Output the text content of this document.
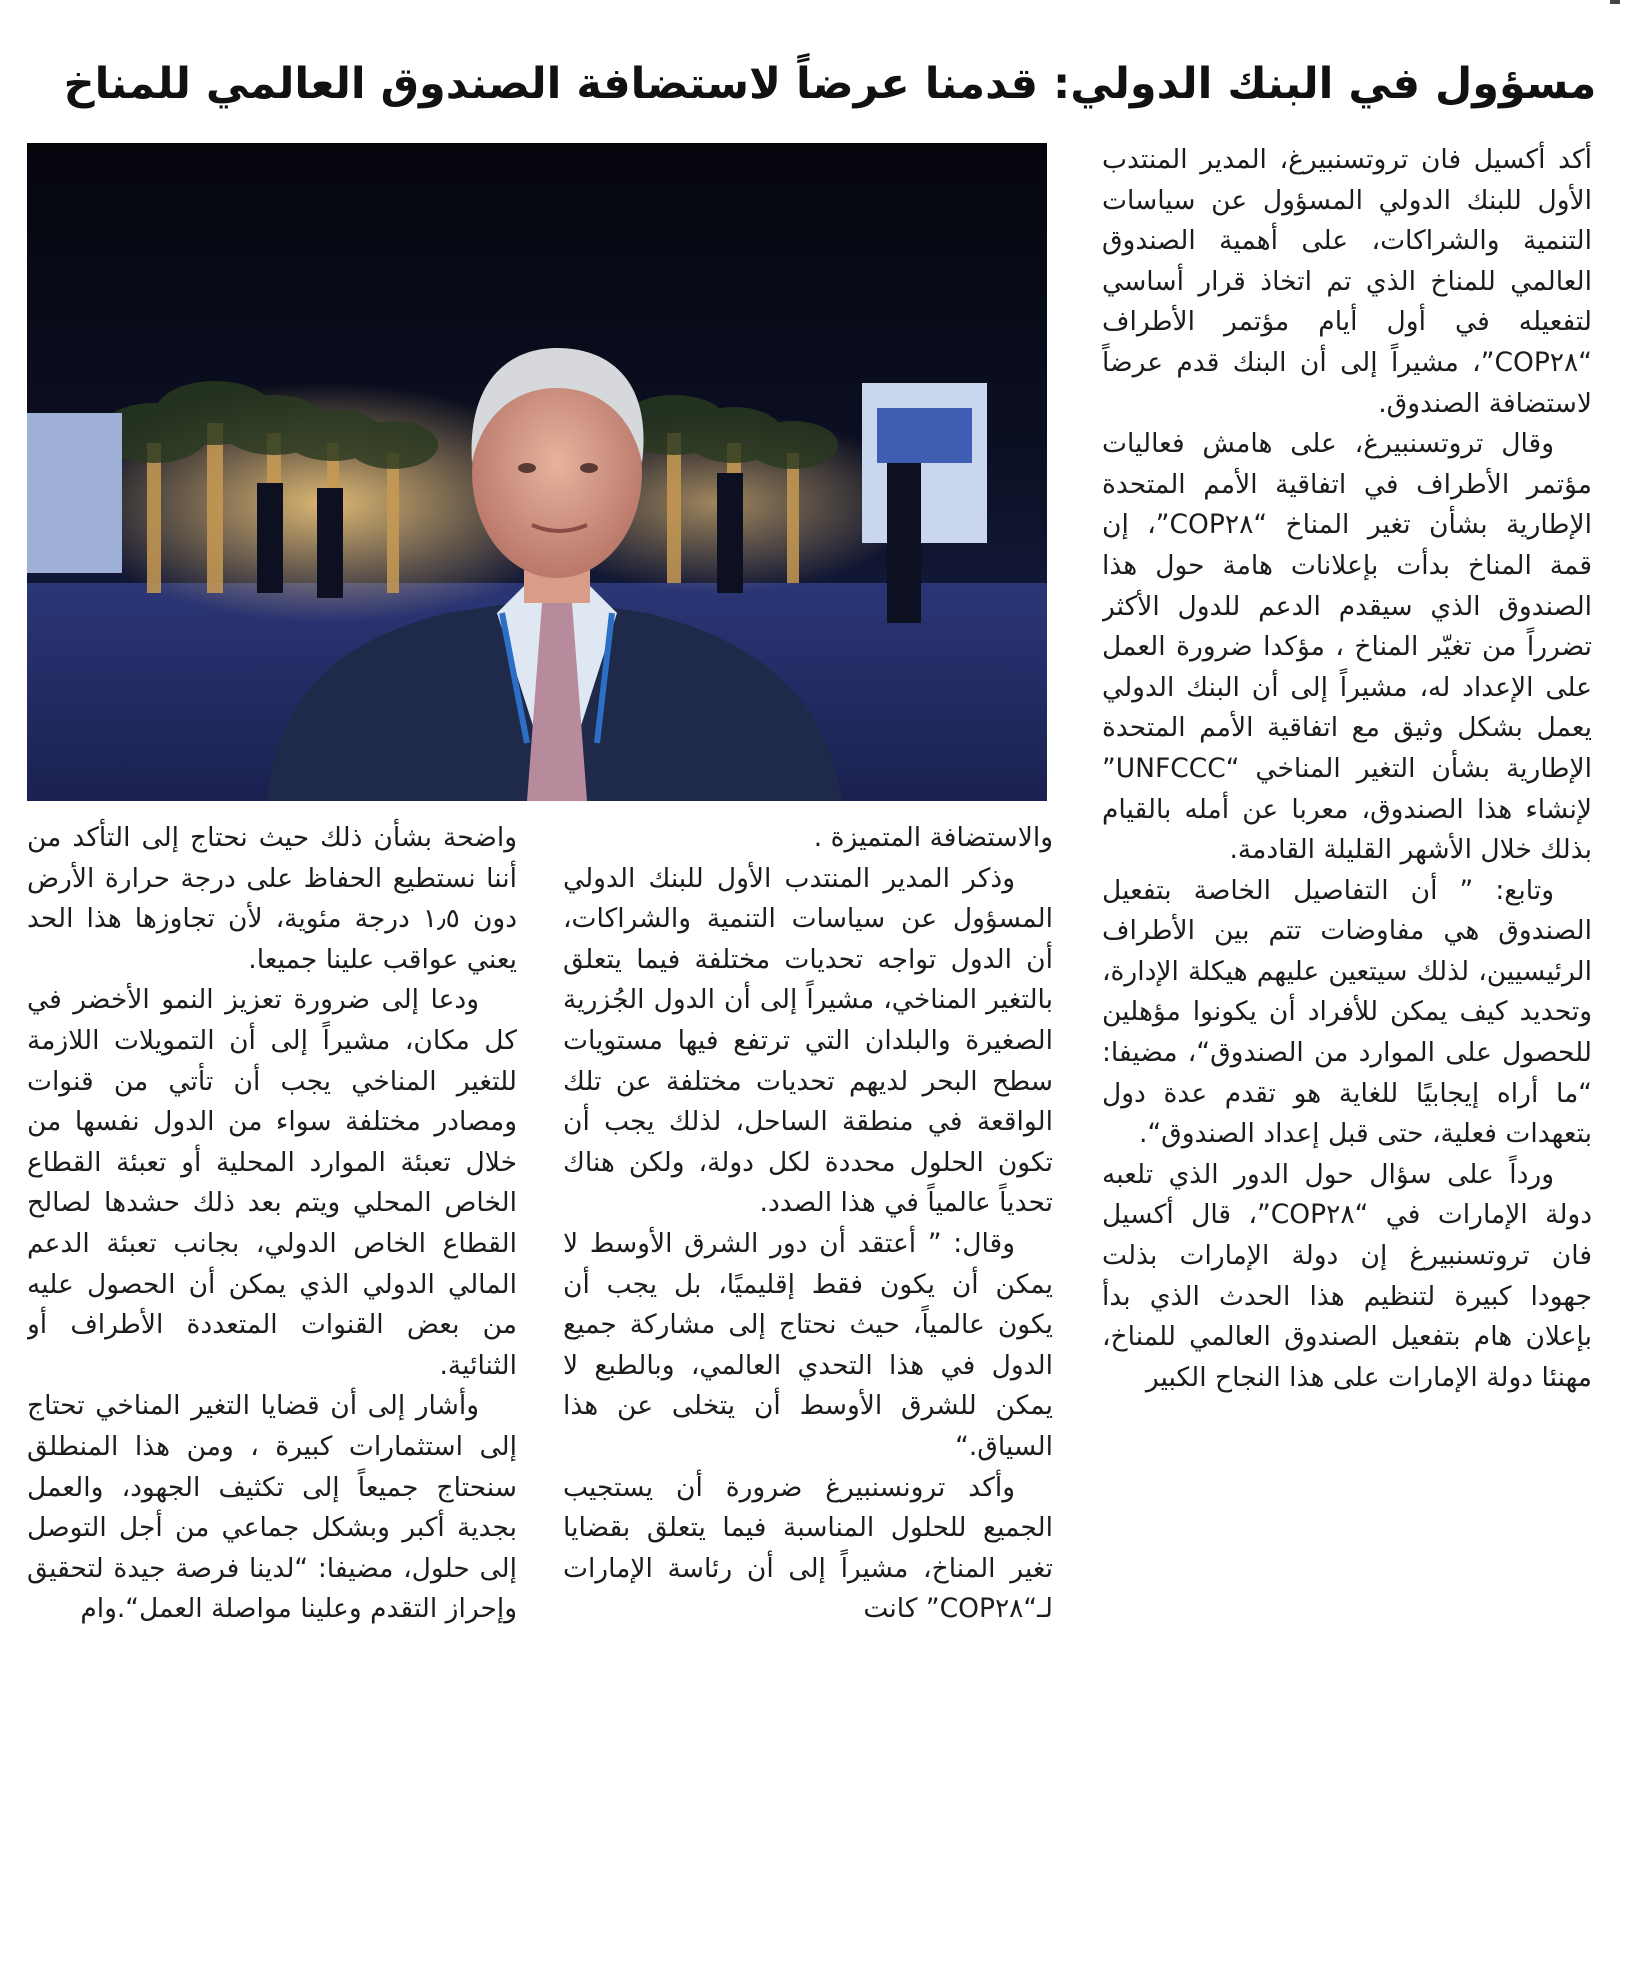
مسؤول في البنك الدولي: قدمنا عرضاً لاستضافة الصندوق العالمي للمناخ

أكد أكسيل فان تروتسنبيرغ، المدير المنتدب الأول للبنك الدولي المسؤول عن سياسات التنمية والشراكات، على أهمية الصندوق العالمي للمناخ الذي تم اتخاذ قرار أساسي لتفعيله في أول أيام مؤتمر الأطراف “COP٢٨”، مشيراً إلى أن البنك قدم عرضاً لاستضافة الصندوق.

وقال تروتسنبيرغ، على هامش فعاليات مؤتمر الأطراف في اتفاقية الأمم المتحدة الإطارية بشأن تغير المناخ “COP٢٨”، إن قمة المناخ بدأت بإعلانات هامة حول هذا الصندوق الذي سيقدم الدعم للدول الأكثر تضرراً من تغيّر المناخ ، مؤكدا ضرورة العمل على الإعداد له، مشيراً إلى أن البنك الدولي يعمل بشكل وثيق مع اتفاقية الأمم المتحدة الإطارية بشأن التغير المناخي “UNFCCC” لإنشاء هذا الصندوق، معربا عن أمله بالقيام بذلك خلال الأشهر القليلة القادمة.

وتابع: ” أن التفاصيل الخاصة بتفعيل الصندوق هي مفاوضات تتم بين الأطراف الرئيسيين، لذلك سيتعين عليهم هيكلة الإدارة، وتحديد كيف يمكن للأفراد أن يكونوا مؤهلين للحصول على الموارد من الصندوق“، مضيفا: “ما أراه إيجابيًا للغاية هو تقدم عدة دول بتعهدات فعلية، حتى قبل إعداد الصندوق“.

ورداً على سؤال حول الدور الذي تلعبه دولة الإمارات في “COP٢٨”، قال أكسيل فان تروتسنبيرغ إن دولة الإمارات بذلت جهودا كبيرة لتنظيم هذا الحدث الذي بدأ بإعلان هام بتفعيل الصندوق العالمي للمناخ، مهنئا دولة الإمارات على هذا النجاح الكبير

والاستضافة المتميزة .

وذكر المدير المنتدب الأول للبنك الدولي المسؤول عن سياسات التنمية والشراكات، أن الدول تواجه تحديات مختلفة فيما يتعلق بالتغير المناخي، مشيراً إلى أن الدول الجُزرية الصغيرة والبلدان التي ترتفع فيها مستويات سطح البحر لديهم تحديات مختلفة عن تلك الواقعة في منطقة الساحل، لذلك يجب أن تكون الحلول محددة لكل دولة، ولكن هناك تحدياً عالمياً في هذا الصدد.

وقال: ” أعتقد أن دور الشرق الأوسط لا يمكن أن يكون فقط إقليميًا، بل يجب أن يكون عالمياً، حيث نحتاج إلى مشاركة جميع الدول في هذا التحدي العالمي، وبالطبع لا يمكن للشرق الأوسط أن يتخلى عن هذا السياق.“

وأكد ترونسنبيرغ ضرورة أن يستجيب الجميع للحلول المناسبة فيما يتعلق بقضايا تغير المناخ، مشيراً إلى أن رئاسة الإمارات لـ“COP٢٨” كانت

واضحة بشأن ذلك حيث نحتاج إلى التأكد من أننا نستطيع الحفاظ على درجة حرارة الأرض دون ١٫٥ درجة مئوية، لأن تجاوزها هذا الحد يعني عواقب علينا جميعا.

ودعا إلى ضرورة تعزيز النمو الأخضر في كل مكان، مشيراً إلى أن التمويلات اللازمة للتغير المناخي يجب أن تأتي من قنوات ومصادر مختلفة سواء من الدول نفسها من خلال تعبئة الموارد المحلية أو تعبئة القطاع الخاص المحلي ويتم بعد ذلك حشدها لصالح القطاع الخاص الدولي، بجانب تعبئة الدعم المالي الدولي الذي يمكن أن الحصول عليه من بعض القنوات المتعددة الأطراف أو الثنائية.

وأشار إلى أن قضايا التغير المناخي تحتاج إلى استثمارات كبيرة ، ومن هذا المنطلق سنحتاج جميعاً إلى تكثيف الجهود، والعمل بجدية أكبر وبشكل جماعي من أجل التوصل إلى حلول، مضيفا: “لدينا فرصة جيدة لتحقيق وإحراز التقدم وعلينا مواصلة العمل“.وام
